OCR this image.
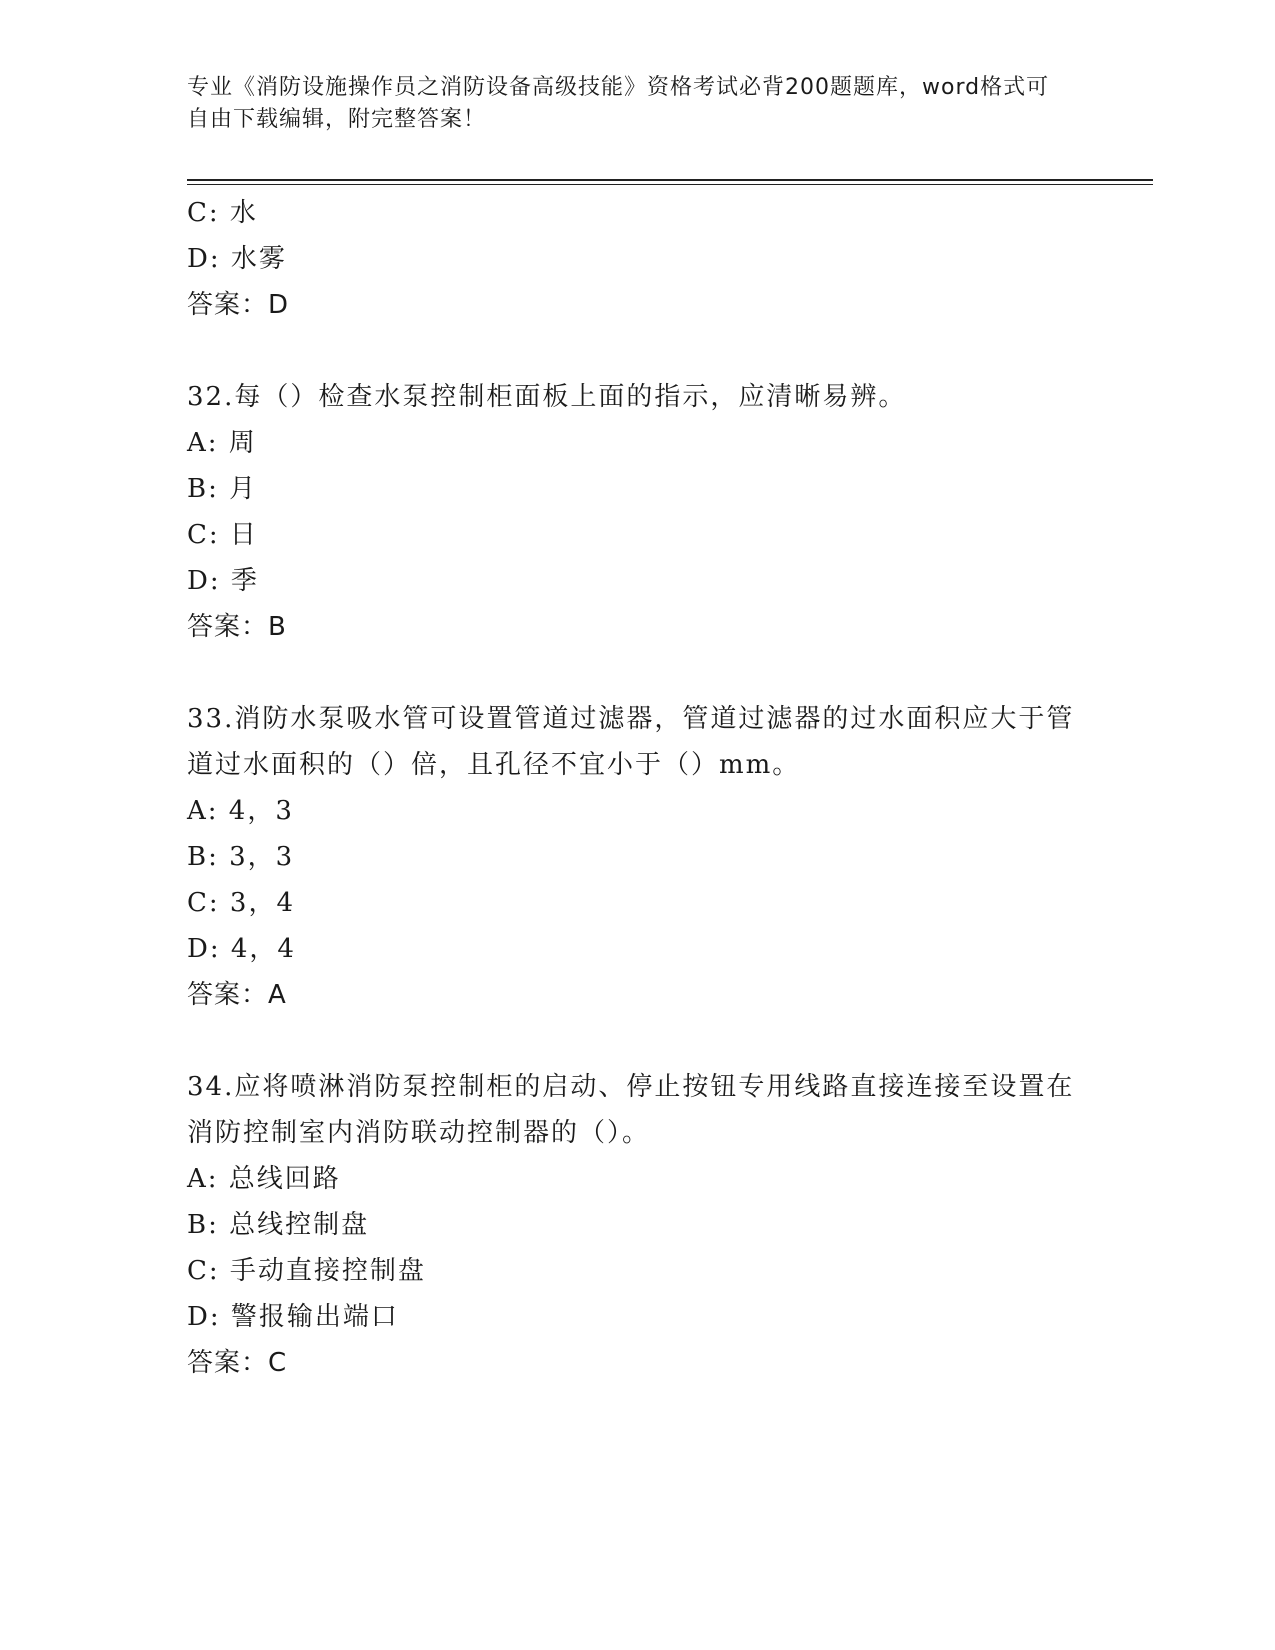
专业《消防设施操作员之消防设备高级技能》资格考试必背200题题库，word格式可自由下载编辑，附完整答案！
C: 水
D: 水雾
答案：D
32.每（）检查水泵控制柜面板上面的指示，应清晰易辨。
A: 周
B: 月
C: 日
D: 季
答案：B
33.消防水泵吸水管可设置管道过滤器，管道过滤器的过水面积应大于管道过水面积的（）倍，且孔径不宜小于（）mm。
A: 4，3
B: 3，3
C: 3，4
D: 4，4
答案：A
34.应将喷淋消防泵控制柜的启动、停止按钮专用线路直接连接至设置在消防控制室内消防联动控制器的（）。
A: 总线回路
B: 总线控制盘
C: 手动直接控制盘
D: 警报输出端口
答案：C
